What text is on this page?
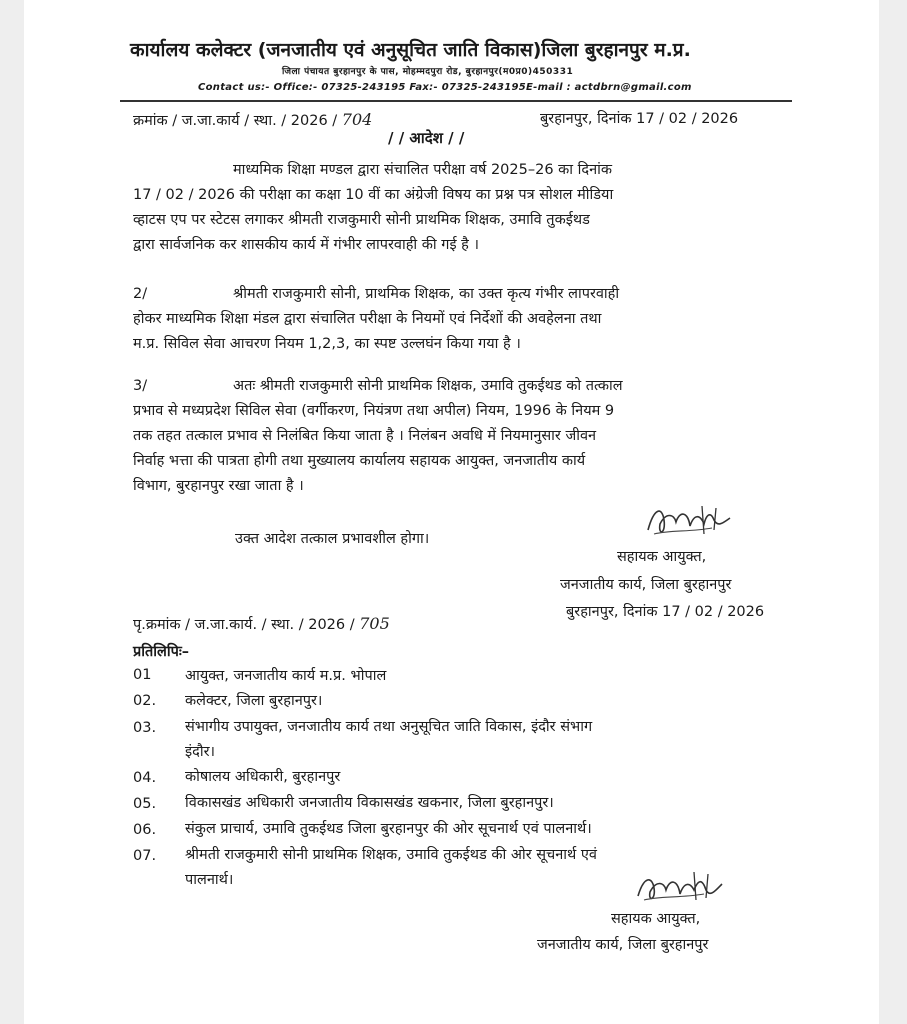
कार्यालय कलेक्टर (जनजातीय एवं अनुसूचित जाति विकास)जिला बुरहानपुर म.प्र.
जिला पंचायत बुरहानपुर के पास, मोहम्मदपुरा रोड, बुरहानपुर(म0प्र0)450331
Contact us:- Office:- 07325-243195 Fax:- 07325-243195E-mail : actdbrn@gmail.com
क्रमांक / ज.जा.कार्य / स्था. / 2026 / 704	बुरहानपुर, दिनांक 17 / 02 / 2026
/ / आदेश / /
माध्यमिक शिक्षा मण्डल द्वारा संचालित परीक्षा वर्ष 2025–26 का दिनांक
17 / 02 / 2026 की परीक्षा का कक्षा 10 वीं का अंग्रेजी विषय का प्रश्न पत्र सोशल मीडिया
व्हाटस एप पर स्टेटस लगाकर श्रीमती राजकुमारी सोनी प्राथमिक शिक्षक, उमावि तुकईथड
द्वारा सार्वजनिक कर शासकीय कार्य में गंभीर लापरवाही की गई है ।
2/	श्रीमती राजकुमारी सोनी, प्राथमिक शिक्षक, का उक्त कृत्य गंभीर लापरवाही
होकर माध्यमिक शिक्षा मंडल द्वारा संचालित परीक्षा के नियमों एवं निर्देशों की अवहेलना तथा
म.प्र. सिविल सेवा आचरण नियम 1,2,3, का स्पष्ट उल्लघंन किया गया है ।
3/	अतः श्रीमती राजकुमारी सोनी प्राथमिक शिक्षक, उमावि तुकईथड को तत्काल
प्रभाव से मध्यप्रदेश सिविल सेवा (वर्गीकरण, नियंत्रण तथा अपील) नियम, 1996 के नियम 9
तक तहत तत्काल प्रभाव से निलंबित किया जाता है । निलंबन अवधि में नियमानुसार जीवन
निर्वाह भत्ता की पात्रता होगी तथा मुख्यालय कार्यालय सहायक आयुक्त, जनजातीय कार्य
विभाग, बुरहानपुर रखा जाता है ।
उक्त आदेश तत्काल प्रभावशील होगा।
सहायक आयुक्त,
जनजातीय कार्य, जिला बुरहानपुर
बुरहानपुर, दिनांक 17 / 02 / 2026
पृ.क्रमांक / ज.जा.कार्य. / स्था. / 2026 / 705
प्रतिलिपिः–
01 आयुक्त, जनजातीय कार्य म.प्र. भोपाल
02. कलेक्टर, जिला बुरहानपुर।
03. संभागीय उपायुक्त, जनजातीय कार्य तथा अनुसूचित जाति विकास, इंदौर संभाग
इंदौर।
04. कोषालय अधिकारी, बुरहानपुर
05. विकासखंड अधिकारी जनजातीय विकासखंड खकनार, जिला बुरहानपुर।
06. संकुल प्राचार्य, उमावि तुकईथड जिला बुरहानपुर की ओर सूचनार्थ एवं पालनार्थ।
07. श्रीमती राजकुमारी सोनी प्राथमिक शिक्षक, उमावि तुकईथड की ओर सूचनार्थ एवं
पालनार्थ।
सहायक आयुक्त,
जनजातीय कार्य, जिला बुरहानपुर
